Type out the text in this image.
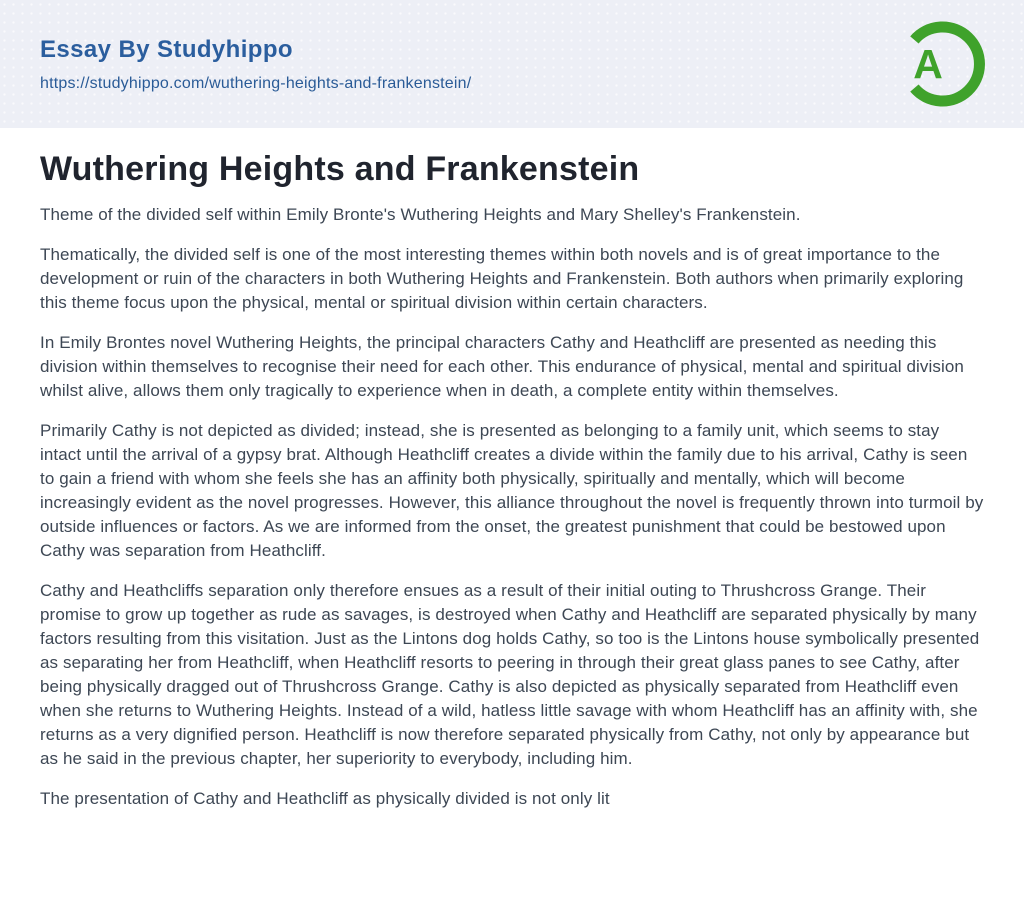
Essay By Studyhippo
https://studyhippo.com/wuthering-heights-and-frankenstein/	A
Wuthering Heights and Frankenstein

Theme of the divided self within Emily Bronte's Wuthering Heights and Mary Shelley's Frankenstein.

Thematically, the divided self is one of the most interesting themes within both novels and is of great importance to the development or ruin of the characters in both Wuthering Heights and Frankenstein. Both authors when primarily exploring this theme focus upon the physical, mental or spiritual division within certain characters.

In Emily Brontes novel Wuthering Heights, the principal characters Cathy and Heathcliff are presented as needing this division within themselves to recognise their need for each other. This endurance of physical, mental and spiritual division whilst alive, allows them only tragically to experience when in death, a complete entity within themselves.

Primarily Cathy is not depicted as divided; instead, she is presented as belonging to a family unit, which seems to stay intact until the arrival of a gypsy brat. Although Heathcliff creates a divide within the family due to his arrival, Cathy is seen to gain a friend with whom she feels she has an affinity both physically, spiritually and mentally, which will become increasingly evident as the novel progresses. However, this alliance throughout the novel is frequently thrown into turmoil by outside influences or factors. As we are informed from the onset, the greatest punishment that could be bestowed upon Cathy was separation from Heathcliff.

Cathy and Heathcliffs separation only therefore ensues as a result of their initial outing to Thrushcross Grange. Their promise to grow up together as rude as savages, is destroyed when Cathy and Heathcliff are separated physically by many factors resulting from this visitation. Just as the Lintons dog holds Cathy, so too is the Lintons house symbolically presented as separating her from Heathcliff, when Heathcliff resorts to peering in through their great glass panes to see Cathy, after being physically dragged out of Thrushcross Grange. Cathy is also depicted as physically separated from Heathcliff even when she returns to Wuthering Heights. Instead of a wild, hatless little savage with whom Heathcliff has an affinity with, she returns as a very dignified person. Heathcliff is now therefore separated physically from Cathy, not only by appearance but as he said in the previous chapter, her superiority to everybody, including him.

The presentation of Cathy and Heathcliff as physically divided is not only lit
